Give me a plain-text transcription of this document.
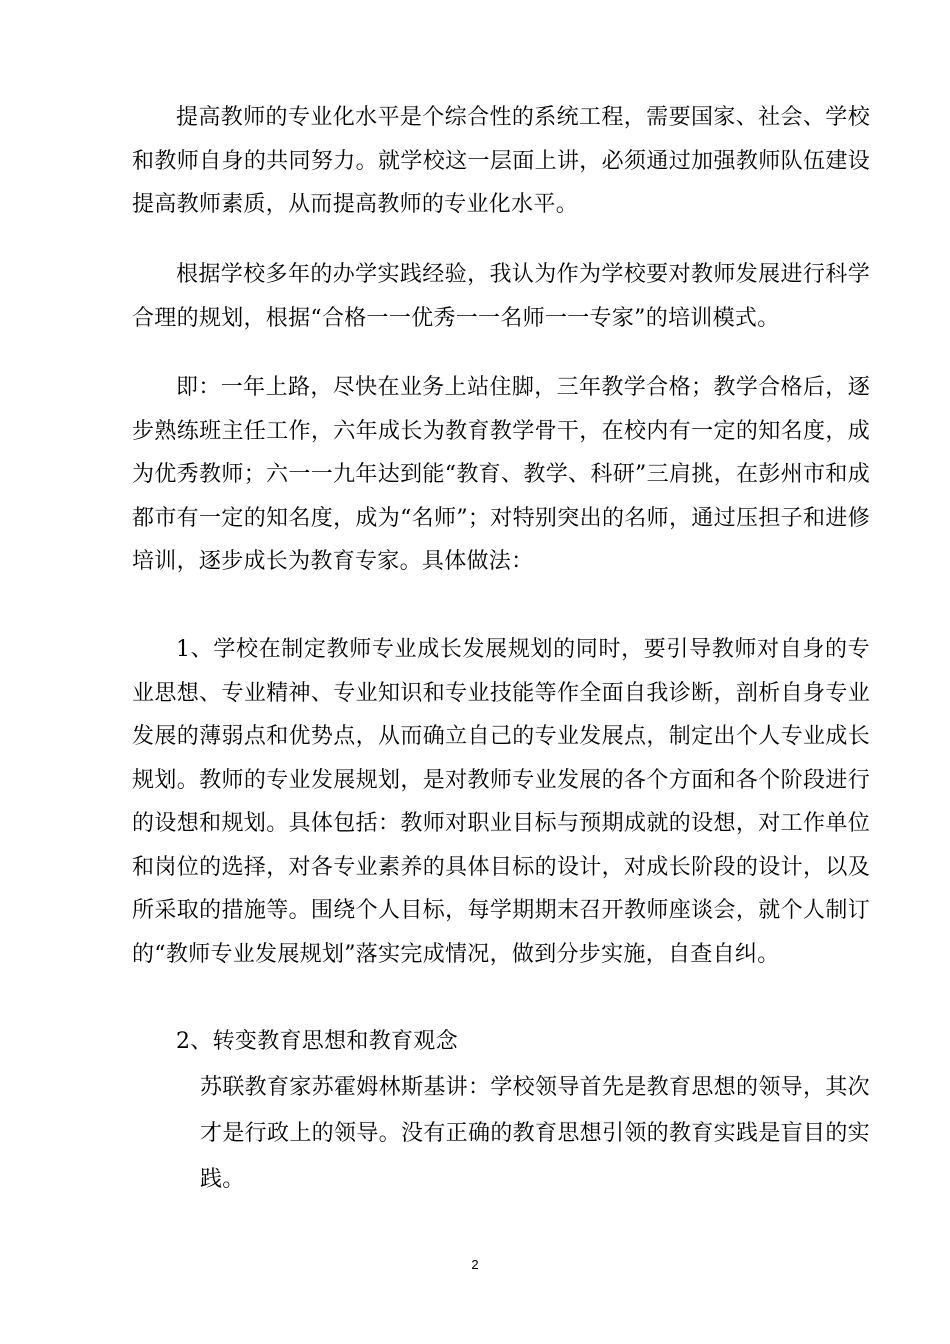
提高教师的专业化水平是个综合性的系统工程，需要国家、社会、学校和教师自身的共同努力。就学校这一层面上讲，必须通过加强教师队伍建设提高教师素质，从而提高教师的专业化水平。

根据学校多年的办学实践经验，我认为作为学校要对教师发展进行科学合理的规划，根据“合格一一优秀一一名师一一专家”的培训模式。

即：一年上路，尽快在业务上站住脚，三年教学合格；教学合格后，逐步熟练班主任工作，六年成长为教育教学骨干，在校内有一定的知名度，成为优秀教师；六一一九年达到能“教育、教学、科研”三肩挑，在彭州市和成都市有一定的知名度，成为“名师”；对特别突出的名师，通过压担子和进修培训，逐步成长为教育专家。具体做法：

1、学校在制定教师专业成长发展规划的同时，要引导教师对自身的专业思想、专业精神、专业知识和专业技能等作全面自我诊断，剖析自身专业发展的薄弱点和优势点，从而确立自己的专业发展点，制定出个人专业成长规划。教师的专业发展规划，是对教师专业发展的各个方面和各个阶段进行的设想和规划。具体包括：教师对职业目标与预期成就的设想，对工作单位和岗位的选择，对各专业素养的具体目标的设计，对成长阶段的设计，以及所采取的措施等。围绕个人目标，每学期期末召开教师座谈会，就个人制订的“教师专业发展规划”落实完成情况，做到分步实施，自查自纠。

2、转变教育思想和教育观念

苏联教育家苏霍姆林斯基讲：学校领导首先是教育思想的领导，其次才是行政上的领导。没有正确的教育思想引领的教育实践是盲目的实践。

2
